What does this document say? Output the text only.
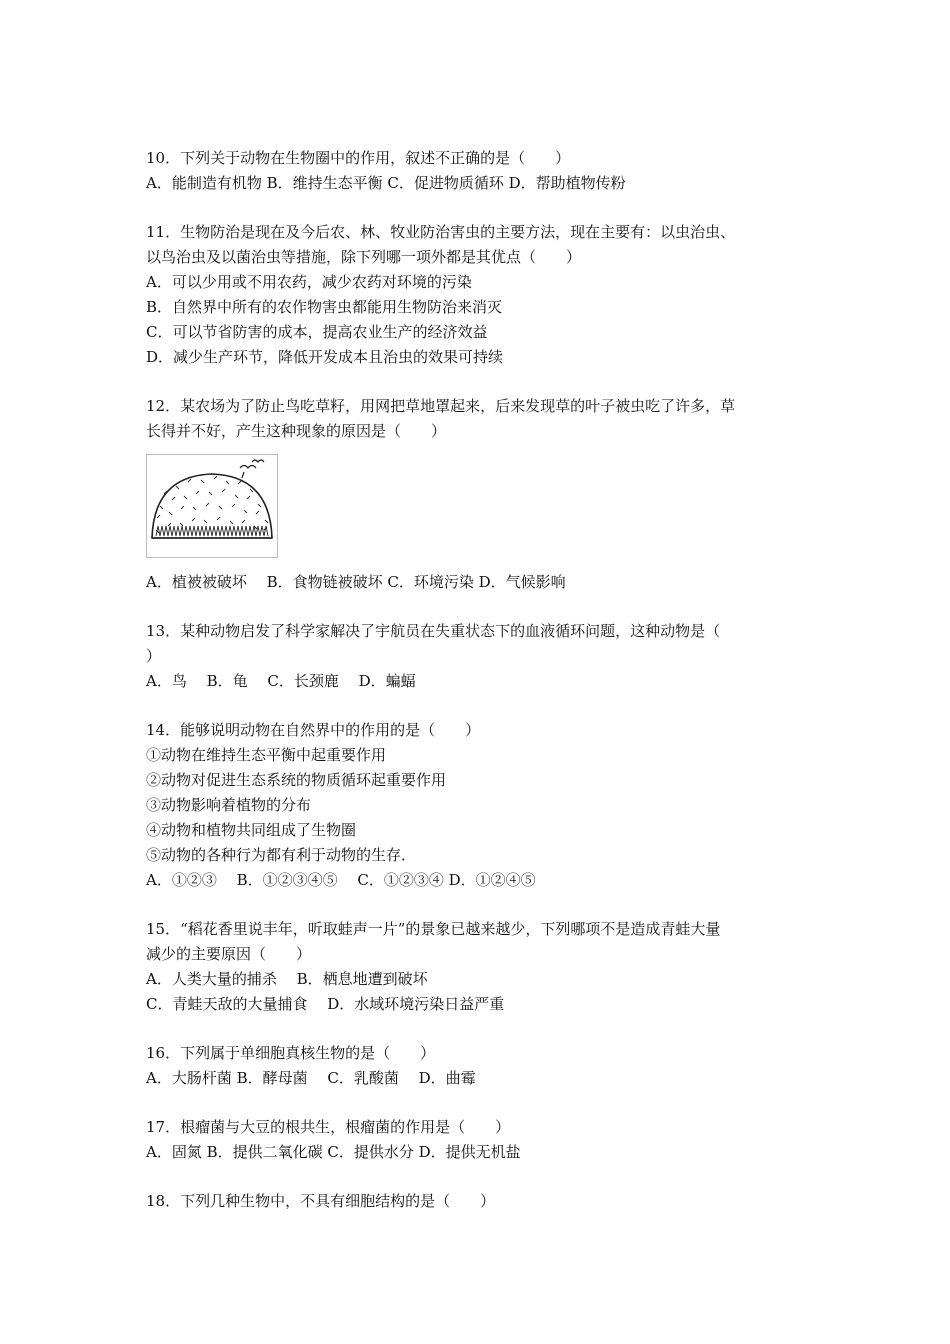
10．下列关于动物在生物圈中的作用，叙述不正确的是（　　）
A．能制造有机物 B．维持生态平衡 C．促进物质循环 D．帮助植物传粉
11．生物防治是现在及今后农、林、牧业防治害虫的主要方法，现在主要有：以虫治虫、
以鸟治虫及以菌治虫等措施，除下列哪一项外都是其优点（　　）
A．可以少用或不用农药，减少农药对环境的污染
B．自然界中所有的农作物害虫都能用生物防治来消灭
C．可以节省防害的成本，提高农业生产的经济效益
D．减少生产环节，降低开发成本且治虫的效果可持续
12．某农场为了防止鸟吃草籽，用网把草地罩起来，后来发现草的叶子被虫吃了许多，草
长得并不好，产生这种现象的原因是（　　）
A．植被被破坏　 B．食物链被破坏 C．环境污染 D．气候影响
13．某种动物启发了科学家解决了宇航员在失重状态下的血液循环问题，这种动物是（
）
A．鸟　 B．龟　 C．长颈鹿　 D．蝙蝠
14．能够说明动物在自然界中的作用的是（　　）
①动物在维持生态平衡中起重要作用
②动物对促进生态系统的物质循环起重要作用
③动物影响着植物的分布
④动物和植物共同组成了生物圈
⑤动物的各种行为都有利于动物的生存．
A．①②③　 B．①②③④⑤　 C．①②③④ D．①②④⑤
15．“稻花香里说丰年，听取蛙声一片”的景象已越来越少，下列哪项不是造成青蛙大量
减少的主要原因（　　）
A．人类大量的捕杀　 B．栖息地遭到破坏
C．青蛙天敌的大量捕食　 D．水域环境污染日益严重
16．下列属于单细胞真核生物的是（　　）
A．大肠杆菌 B．酵母菌　 C．乳酸菌　 D．曲霉
17．根瘤菌与大豆的根共生，根瘤菌的作用是（　　）
A．固氮 B．提供二氧化碳 C．提供水分 D．提供无机盐
18．下列几种生物中，不具有细胞结构的是（　　）
